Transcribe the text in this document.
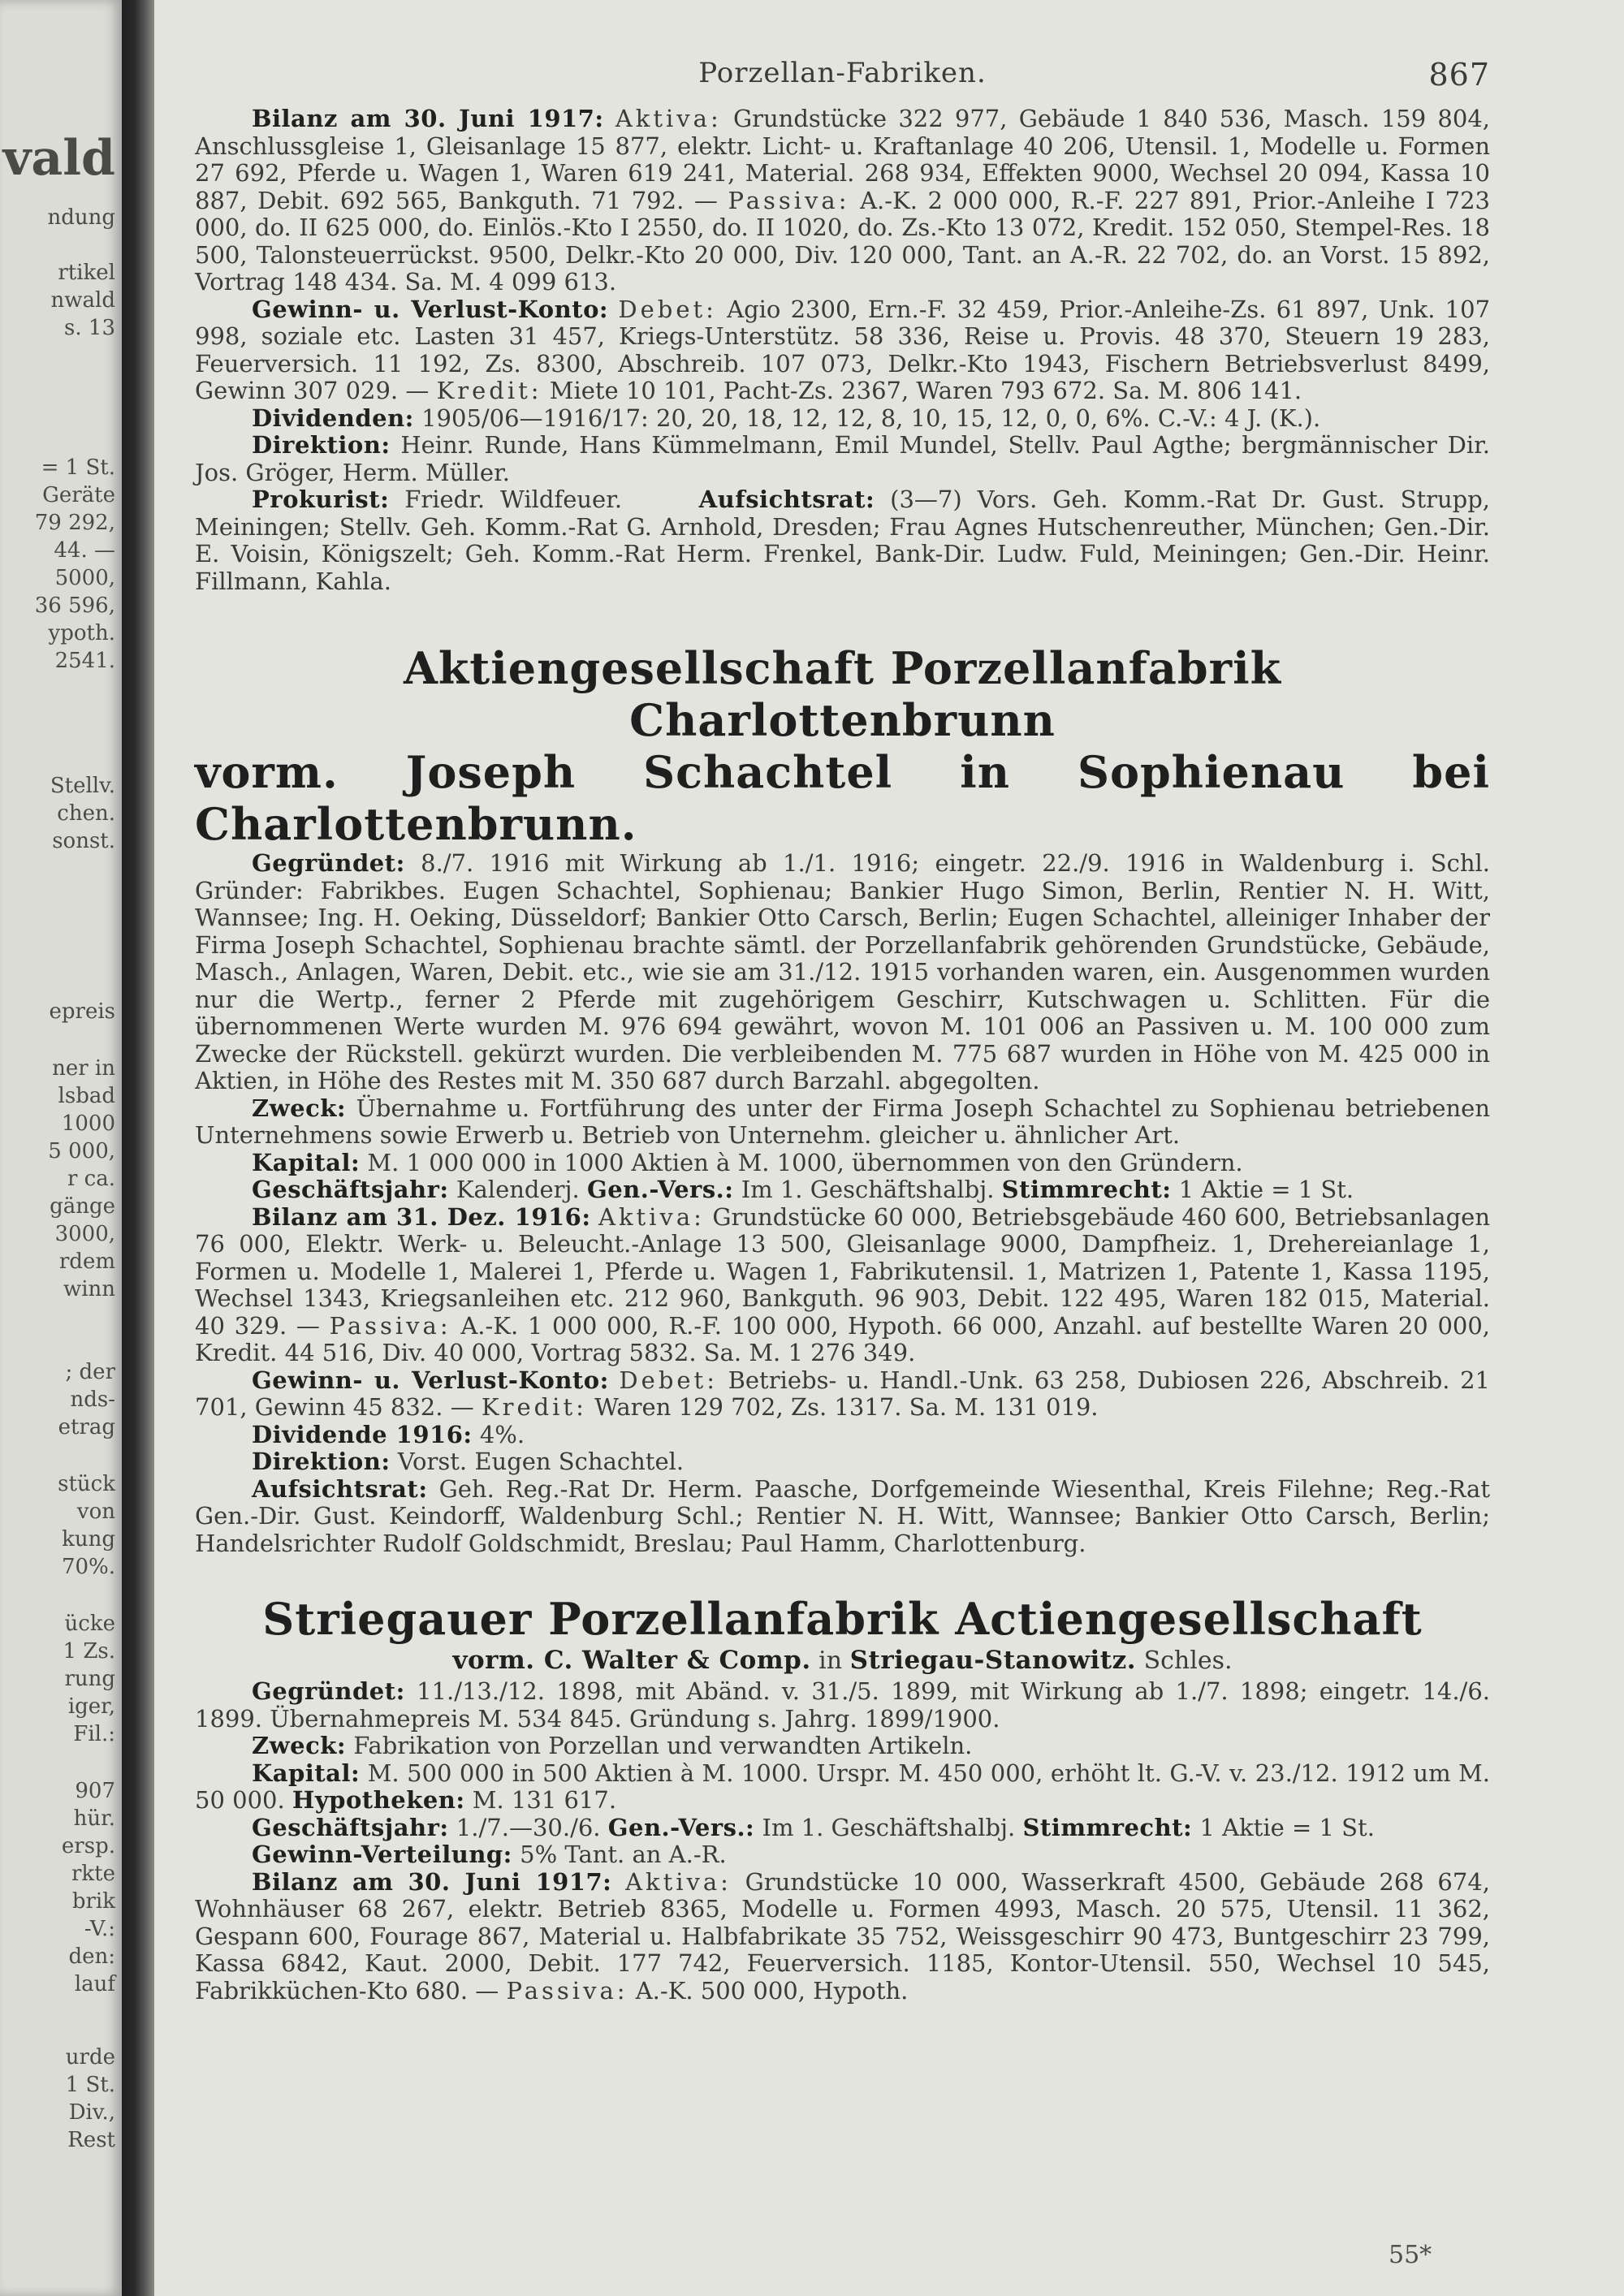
vald
ndung
rtikel
nwald
s. 13
= 1 St.
Geräte
79 292,
44. —
5000,
36 596,
ypoth.
2541.
Stellv.
chen.
sonst.
epreis
ner in
lsbad
1000
5 000,
r ca.
gänge
3000,
rdem
winn
; der
nds-
etrag
stück
von
kung
70%.
ücke
1 Zs.
rung
iger,
Fil.:
907
hür.
ersp.
rkte
brik
-V.:
den:
lauf
urde
1 St.
Div.,
Rest
Porzellan-Fabriken.	867

Bilanz am 30. Juni 1917: Aktiva: Grundstücke 322 977, Gebäude 1 840 536, Masch. 159 804, Anschlussgleise 1, Gleisanlage 15 877, elektr. Licht- u. Kraftanlage 40 206, Utensil. 1, Modelle u. Formen 27 692, Pferde u. Wagen 1, Waren 619 241, Material. 268 934, Effekten 9000, Wechsel 20 094, Kassa 10 887, Debit. 692 565, Bankguth. 71 792. — Passiva: A.-K. 2 000 000, R.-F. 227 891, Prior.-Anleihe I 723 000, do. II 625 000, do. Einlös.-Kto I 2550, do. II 1020, do. Zs.-Kto 13 072, Kredit. 152 050, Stempel-Res. 18 500, Talonsteuerrückst. 9500, Delkr.-Kto 20 000, Div. 120 000, Tant. an A.-R. 22 702, do. an Vorst. 15 892, Vortrag 148 434. Sa. M. 4 099 613.

Gewinn- u. Verlust-Konto: Debet: Agio 2300, Ern.-F. 32 459, Prior.-Anleihe-Zs. 61 897, Unk. 107 998, soziale etc. Lasten 31 457, Kriegs-Unterstütz. 58 336, Reise u. Provis. 48 370, Steuern 19 283, Feuerversich. 11 192, Zs. 8300, Abschreib. 107 073, Delkr.-Kto 1943, Fischern Betriebsverlust 8499, Gewinn 307 029. — Kredit: Miete 10 101, Pacht-Zs. 2367, Waren 793 672. Sa. M. 806 141.

Dividenden: 1905/06—1916/17: 20, 20, 18, 12, 12, 8, 10, 15, 12, 0, 0, 6%. C.-V.: 4 J. (K.).

Direktion: Heinr. Runde, Hans Kümmelmann, Emil Mundel, Stellv. Paul Agthe; bergmännischer Dir. Jos. Gröger, Herm. Müller.

Prokurist: Friedr. Wildfeuer.	Aufsichtsrat: (3—7) Vors. Geh. Komm.-Rat Dr. Gust. Strupp, Meiningen; Stellv. Geh. Komm.-Rat G. Arnhold, Dresden; Frau Agnes Hutschenreuther, München; Gen.-Dir. E. Voisin, Königszelt; Geh. Komm.-Rat Herm. Frenkel, Bank-Dir. Ludw. Fuld, Meiningen; Gen.-Dir. Heinr. Fillmann, Kahla.

Aktiengesellschaft Porzellanfabrik Charlottenbrunn

vorm. Joseph Schachtel in Sophienau bei Charlottenbrunn.

Gegründet: 8./7. 1916 mit Wirkung ab 1./1. 1916; eingetr. 22./9. 1916 in Waldenburg i. Schl. Gründer: Fabrikbes. Eugen Schachtel, Sophienau; Bankier Hugo Simon, Berlin, Rentier N. H. Witt, Wannsee; Ing. H. Oeking, Düsseldorf; Bankier Otto Carsch, Berlin; Eugen Schachtel, alleiniger Inhaber der Firma Joseph Schachtel, Sophienau brachte sämtl. der Porzellanfabrik gehörenden Grundstücke, Gebäude, Masch., Anlagen, Waren, Debit. etc., wie sie am 31./12. 1915 vorhanden waren, ein. Ausgenommen wurden nur die Wertp., ferner 2 Pferde mit zugehörigem Geschirr, Kutschwagen u. Schlitten. Für die übernommenen Werte wurden M. 976 694 gewährt, wovon M. 101 006 an Passiven u. M. 100 000 zum Zwecke der Rückstell. gekürzt wurden. Die verbleibenden M. 775 687 wurden in Höhe von M. 425 000 in Aktien, in Höhe des Restes mit M. 350 687 durch Barzahl. abgegolten.

Zweck: Übernahme u. Fortführung des unter der Firma Joseph Schachtel zu Sophienau betriebenen Unternehmens sowie Erwerb u. Betrieb von Unternehm. gleicher u. ähnlicher Art.

Kapital: M. 1 000 000 in 1000 Aktien à M. 1000, übernommen von den Gründern.

Geschäftsjahr: Kalenderj. Gen.-Vers.: Im 1. Geschäftshalbj. Stimmrecht: 1 Aktie = 1 St.

Bilanz am 31. Dez. 1916: Aktiva: Grundstücke 60 000, Betriebsgebäude 460 600, Betriebsanlagen 76 000, Elektr. Werk- u. Beleucht.-Anlage 13 500, Gleisanlage 9000, Dampfheiz. 1, Drehereianlage 1, Formen u. Modelle 1, Malerei 1, Pferde u. Wagen 1, Fabrikutensil. 1, Matrizen 1, Patente 1, Kassa 1195, Wechsel 1343, Kriegsanleihen etc. 212 960, Bankguth. 96 903, Debit. 122 495, Waren 182 015, Material. 40 329. — Passiva: A.-K. 1 000 000, R.-F. 100 000, Hypoth. 66 000, Anzahl. auf bestellte Waren 20 000, Kredit. 44 516, Div. 40 000, Vortrag 5832. Sa. M. 1 276 349.

Gewinn- u. Verlust-Konto: Debet: Betriebs- u. Handl.-Unk. 63 258, Dubiosen 226, Abschreib. 21 701, Gewinn 45 832. — Kredit: Waren 129 702, Zs. 1317. Sa. M. 131 019.

Dividende 1916: 4%.

Direktion: Vorst. Eugen Schachtel.

Aufsichtsrat: Geh. Reg.-Rat Dr. Herm. Paasche, Dorfgemeinde Wiesenthal, Kreis Filehne; Reg.-Rat Gen.-Dir. Gust. Keindorff, Waldenburg Schl.; Rentier N. H. Witt, Wannsee; Bankier Otto Carsch, Berlin; Handelsrichter Rudolf Goldschmidt, Breslau; Paul Hamm, Charlottenburg.

Striegauer Porzellanfabrik Actiengesellschaft

vorm. C. Walter & Comp. in Striegau-Stanowitz. Schles.

Gegründet: 11./13./12. 1898, mit Abänd. v. 31./5. 1899, mit Wirkung ab 1./7. 1898; eingetr. 14./6. 1899. Übernahmepreis M. 534 845. Gründung s. Jahrg. 1899/1900.

Zweck: Fabrikation von Porzellan und verwandten Artikeln.

Kapital: M. 500 000 in 500 Aktien à M. 1000. Urspr. M. 450 000, erhöht lt. G.-V. v. 23./12. 1912 um M. 50 000. Hypotheken: M. 131 617.

Geschäftsjahr: 1./7.—30./6. Gen.-Vers.: Im 1. Geschäftshalbj. Stimmrecht: 1 Aktie = 1 St.

Gewinn-Verteilung: 5% Tant. an A.-R.

Bilanz am 30. Juni 1917: Aktiva: Grundstücke 10 000, Wasserkraft 4500, Gebäude 268 674, Wohnhäuser 68 267, elektr. Betrieb 8365, Modelle u. Formen 4993, Masch. 20 575, Utensil. 11 362, Gespann 600, Fourage 867, Material u. Halbfabrikate 35 752, Weissgeschirr 90 473, Buntgeschirr 23 799, Kassa 6842, Kaut. 2000, Debit. 177 742, Feuerversich. 1185, Kontor-Utensil. 550, Wechsel 10 545, Fabrikküchen-Kto 680. — Passiva: A.-K. 500 000, Hypoth.

55*
